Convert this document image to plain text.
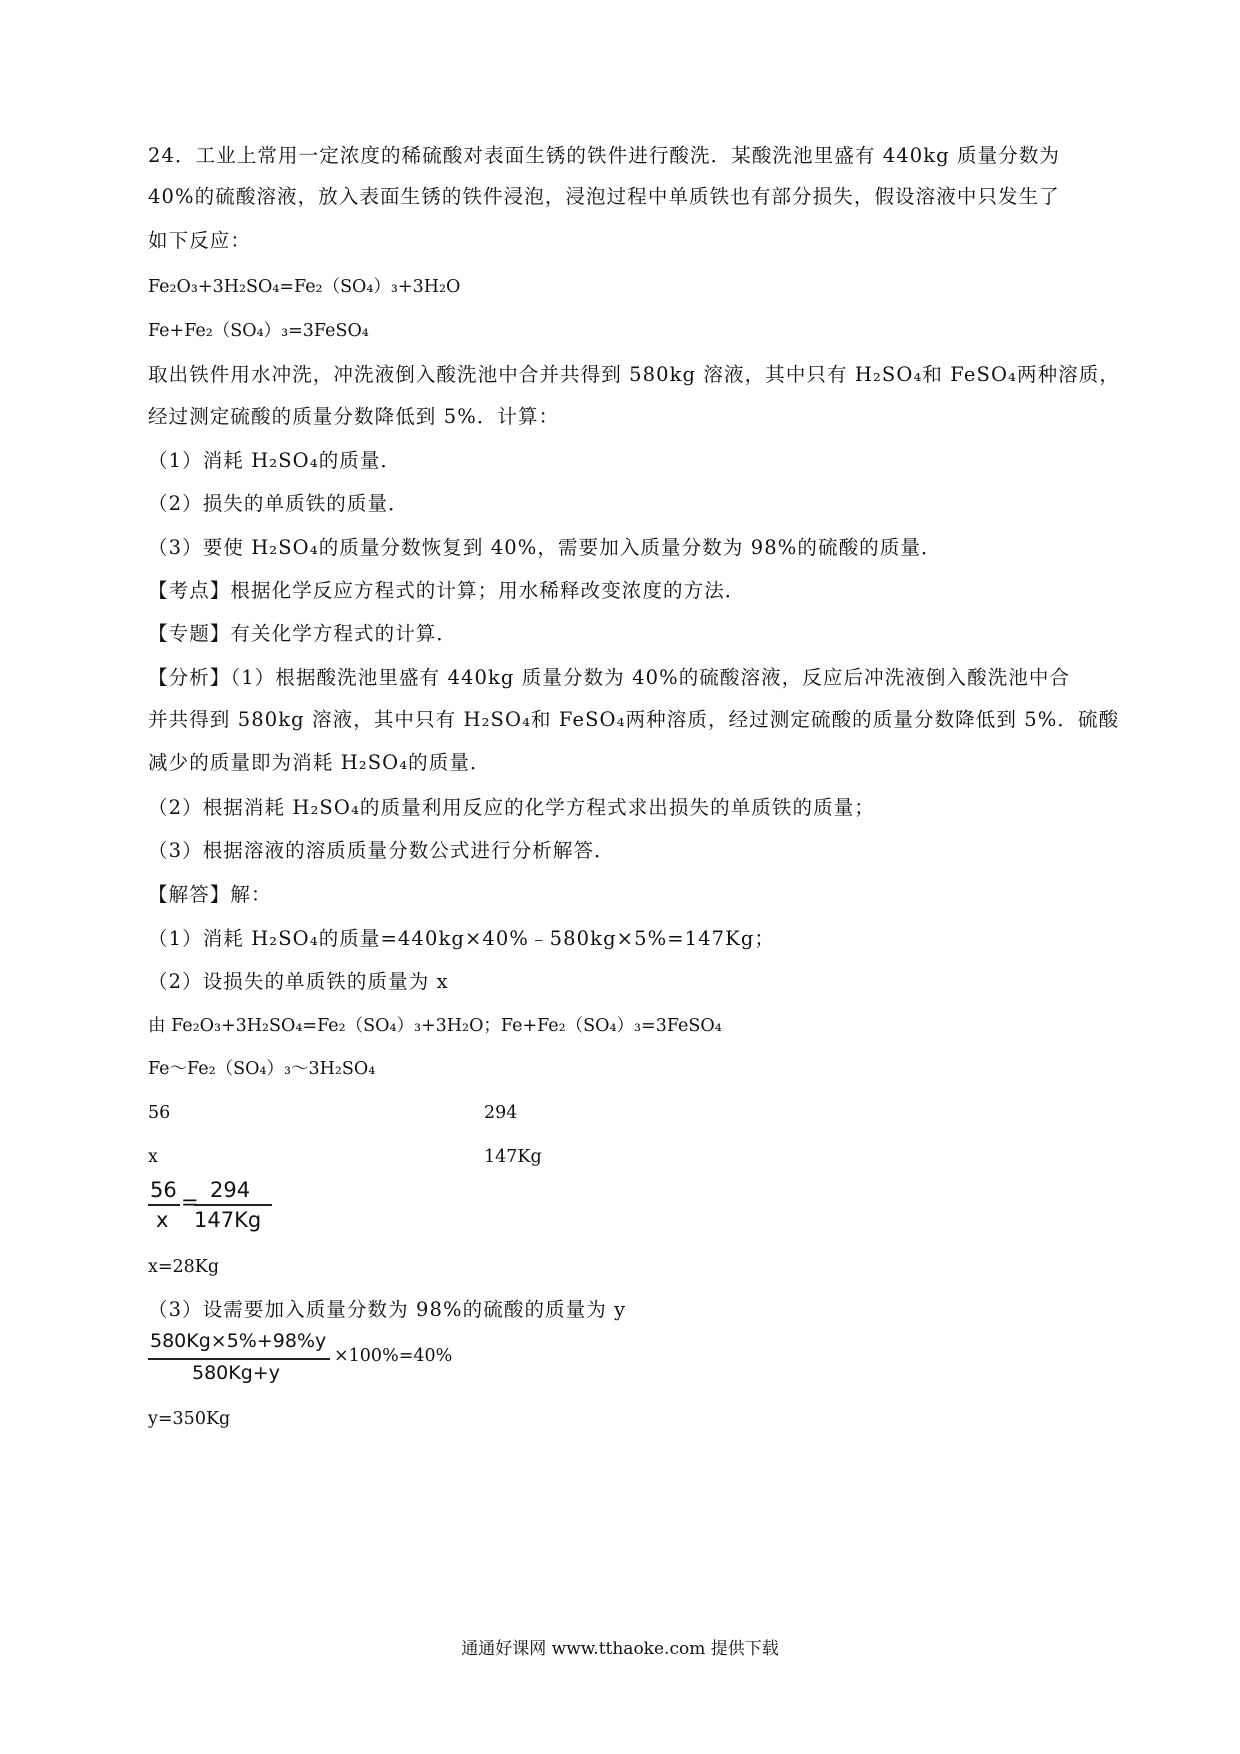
24．工业上常用一定浓度的稀硫酸对表面生锈的铁件进行酸洗．某酸洗池里盛有 440kg 质量分数为
40%的硫酸溶液，放入表面生锈的铁件浸泡，浸泡过程中单质铁也有部分损失，假设溶液中只发生了
如下反应：
Fe₂O₃+3H₂SO₄=Fe₂（SO₄）₃+3H₂O
Fe+Fe₂（SO₄）₃=3FeSO₄
取出铁件用水冲洗，冲洗液倒入酸洗池中合并共得到 580kg 溶液，其中只有 H₂SO₄和 FeSO₄两种溶质，
经过测定硫酸的质量分数降低到 5%．计算：
（1）消耗 H₂SO₄的质量．
（2）损失的单质铁的质量．
（3）要使 H₂SO₄的质量分数恢复到 40%，需要加入质量分数为 98%的硫酸的质量．
【考点】根据化学反应方程式的计算；用水稀释改变浓度的方法．
【专题】有关化学方程式的计算．
【分析】（1）根据酸洗池里盛有 440kg 质量分数为 40%的硫酸溶液，反应后冲洗液倒入酸洗池中合
并共得到 580kg 溶液，其中只有 H₂SO₄和 FeSO₄两种溶质，经过测定硫酸的质量分数降低到 5%．硫酸
减少的质量即为消耗 H₂SO₄的质量．
（2）根据消耗 H₂SO₄的质量利用反应的化学方程式求出损失的单质铁的质量；
（3）根据溶液的溶质质量分数公式进行分析解答．
【解答】解：
（1）消耗 H₂SO₄的质量=440kg×40%﹣580kg×5%=147Kg；
（2）设损失的单质铁的质量为 x
由 Fe₂O₃+3H₂SO₄=Fe₂（SO₄）₃+3H₂O；Fe+Fe₂（SO₄）₃=3FeSO₄
Fe～Fe₂（SO₄）₃～3H₂SO₄
56	294
x	147Kg
56
x
= 294
147Kg
x=28Kg
（3）设需要加入质量分数为 98%的硫酸的质量为 y
580Kg×5%+98%y
580Kg+y
×100%=40%
y=350Kg
通通好课网 www.tthaoke.com 提供下载
